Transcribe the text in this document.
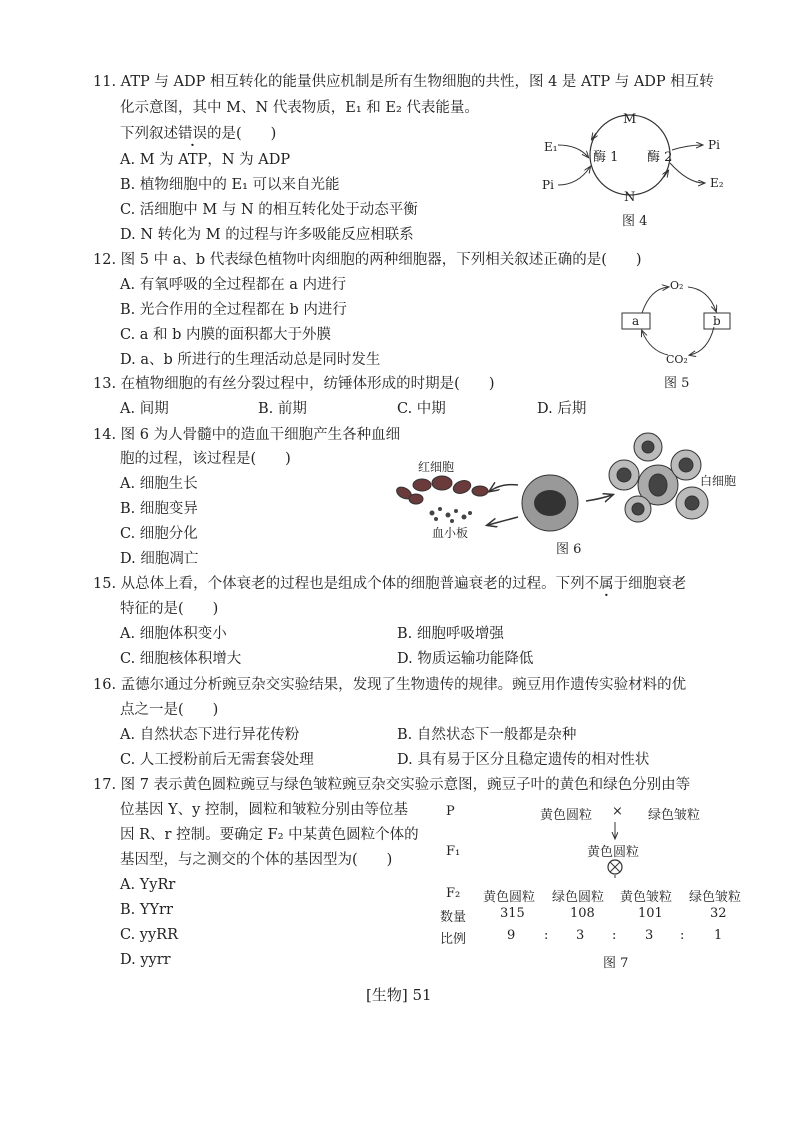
11. ATP 与 ADP 相互转化的能量供应机制是所有生物细胞的共性，图 4 是 ATP 与 ADP 相互转
化示意图，其中 M、N 代表物质，E₁ 和 E₂ 代表能量。
下列叙述错误的是(　　)
A. M 为 ATP，N 为 ADP
B. 植物细胞中的 E₁ 可以来自光能
C. 活细胞中 M 与 N 的相互转化处于动态平衡
D. N 转化为 M 的过程与许多吸能反应相联系
M
N
酶 1 酶 2
E₁
Pi
Pi
E₂
图 4
12. 图 5 中 a、b 代表绿色植物叶肉细胞的两种细胞器，下列相关叙述正确的是(　　)
A. 有氧呼吸的全过程都在 a 内进行
B. 光合作用的全过程都在 b 内进行
C. a 和 b 内膜的面积都大于外膜
D. a、b 所进行的生理活动总是同时发生
O₂
CO₂
a	b
图 5
13. 在植物细胞的有丝分裂过程中，纺锤体形成的时期是(　　)
A. 间期	B. 前期	C. 中期	D. 后期
14. 图 6 为人骨髓中的造血干细胞产生各种血细
胞的过程，该过程是(　　)
A. 细胞生长
B. 细胞变异
C. 细胞分化
D. 细胞凋亡
红细胞
血小板
白细胞
图 6
15. 从总体上看，个体衰老的过程也是组成个体的细胞普遍衰老的过程。下列不属于细胞衰老
特征的是(　　)
A. 细胞体积变小	B. 细胞呼吸增强
C. 细胞核体积增大	D. 物质运输功能降低
16. 孟德尔通过分析豌豆杂交实验结果，发现了生物遗传的规律。豌豆用作遗传实验材料的优
点之一是(　　)
A. 自然状态下进行异花传粉	B. 自然状态下一般都是杂种
C. 人工授粉前后无需套袋处理	D. 具有易于区分且稳定遗传的相对性状
17. 图 7 表示黄色圆粒豌豆与绿色皱粒豌豆杂交实验示意图，豌豆子叶的黄色和绿色分别由等
位基因 Y、y 控制，圆粒和皱粒分别由等位基
因 R、r 控制。要确定 F₂ 中某黄色圆粒个体的
基因型，与之测交的个体的基因型为(　　)
A. YyRr
B. YYrr
C. yyRR
D. yyrr
P	黄色圆粒 × 绿色皱粒
F₁	黄色圆粒
F₂ 黄色圆粒 绿色圆粒 黄色皱粒 绿色皱粒
数量	315	108	101	32
比例	9 : 3 : 3 : 1
图 7
[生物] 51
